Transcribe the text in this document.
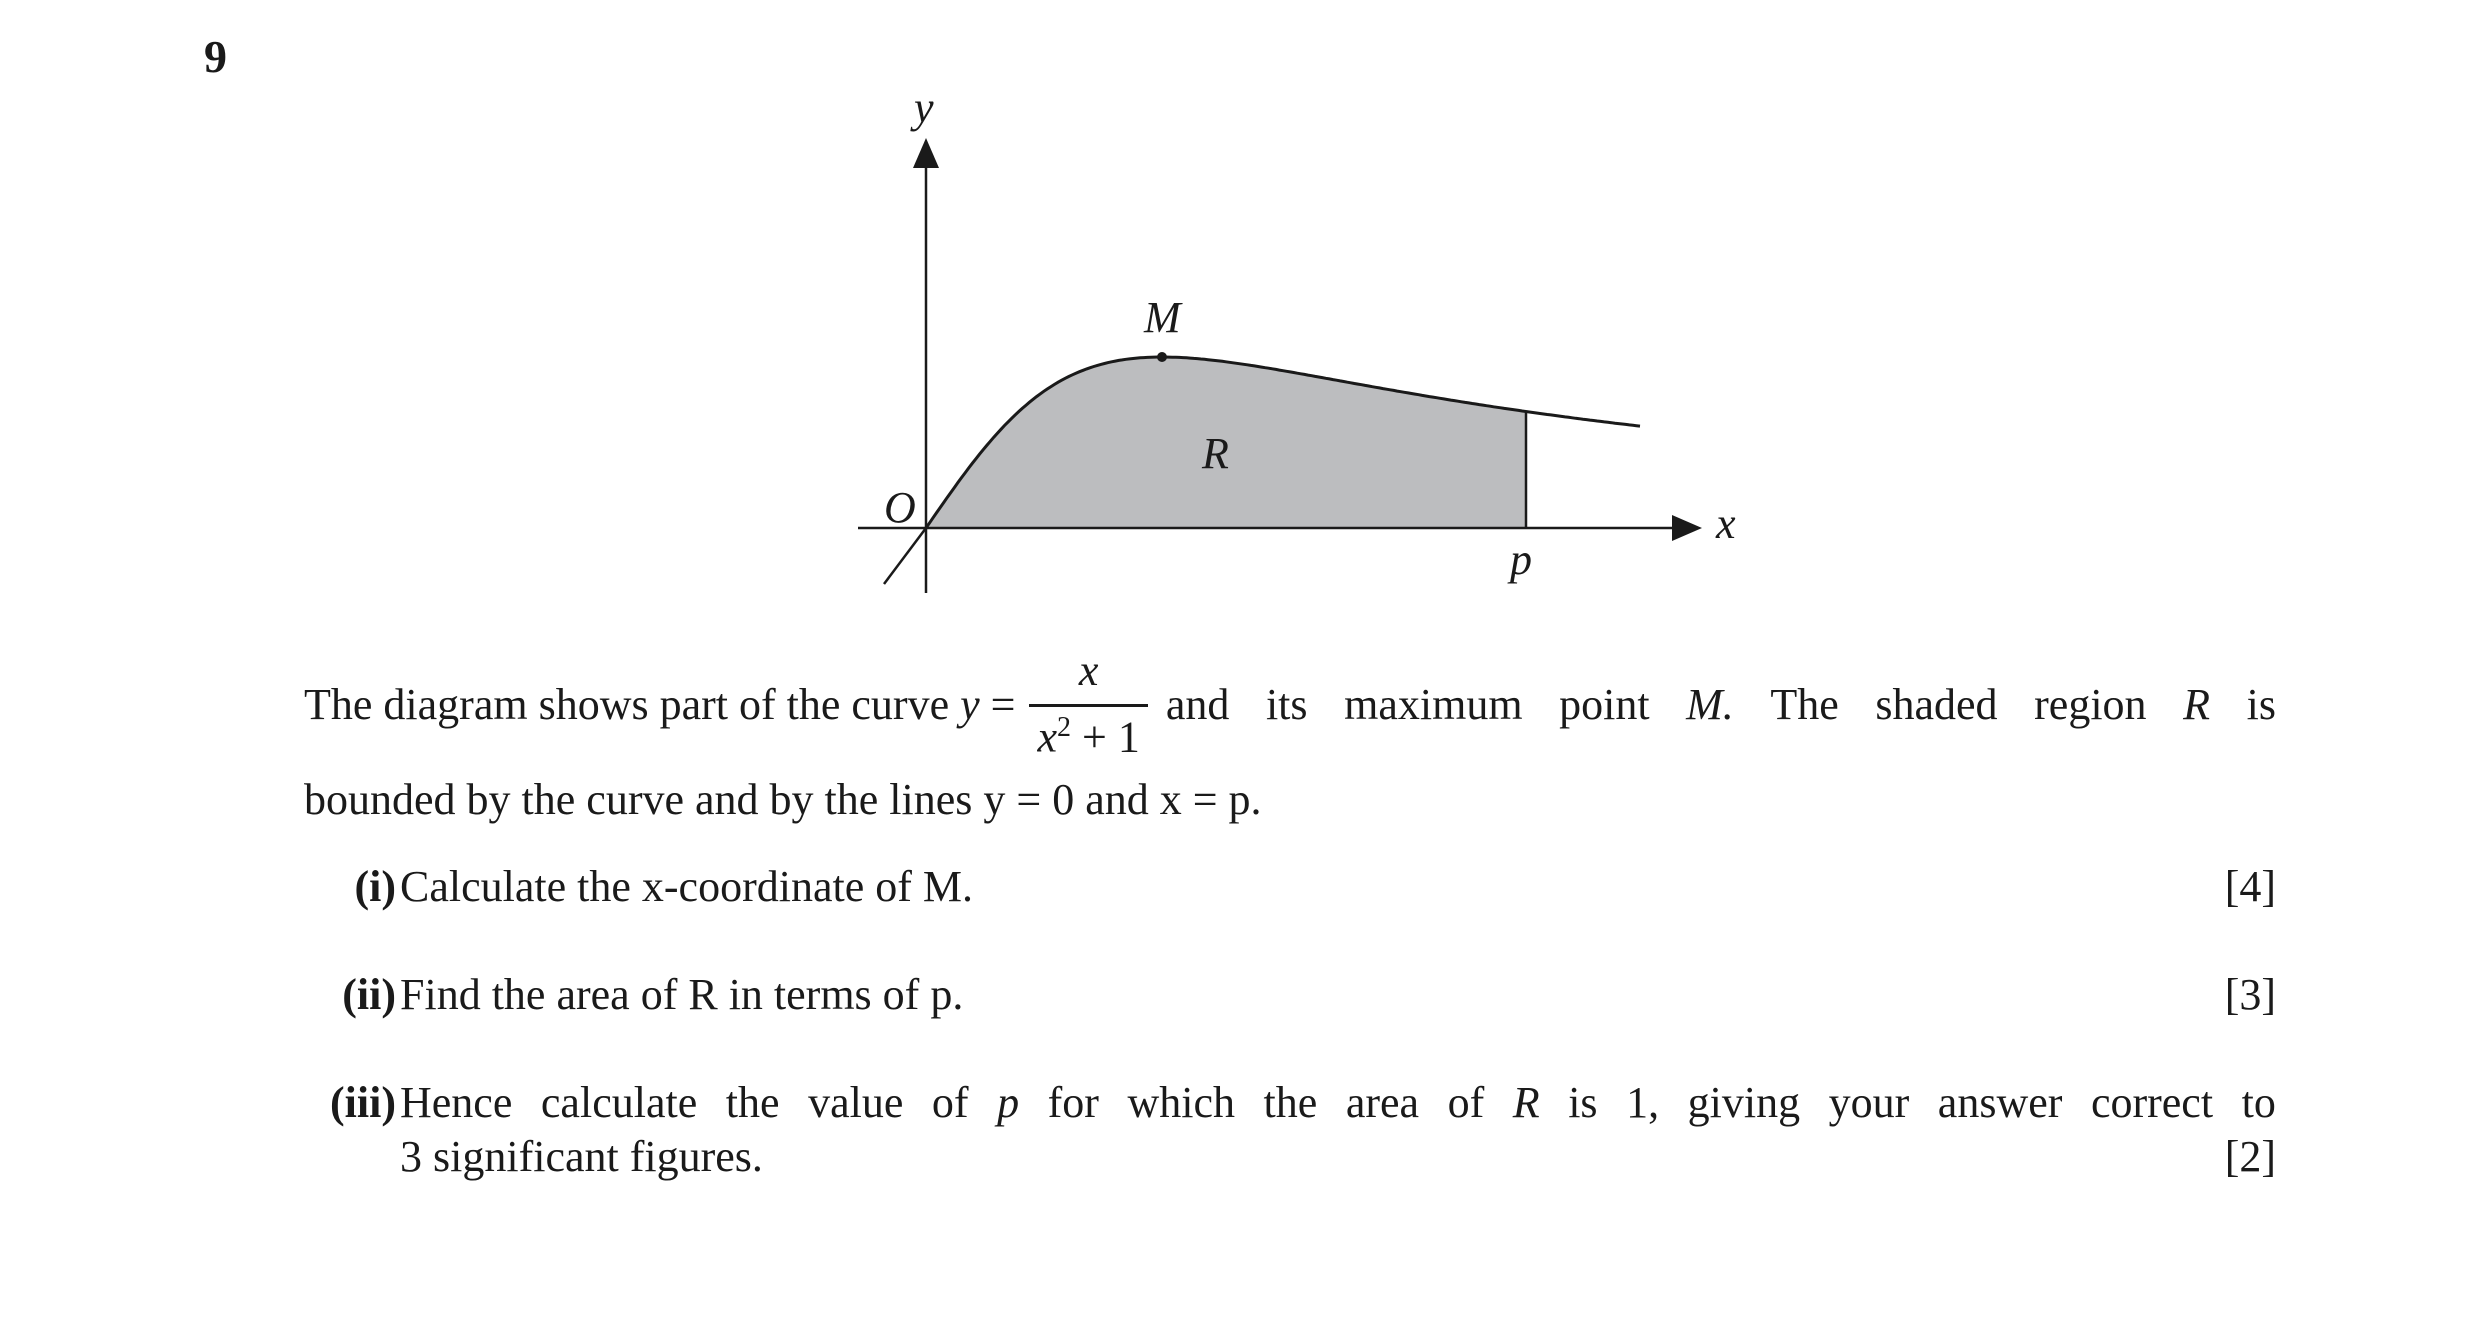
9
y
x
O
M
R
p
The diagram shows part of the curve $y = \frac{x}{x^2 + 1}$ and its maximum point M. The shaded region R is
bounded by the curve and by the lines y = 0 and x = p.
(i) Calculate the x-coordinate of M.	[4]
(ii) Find the area of R in terms of p.	[3]
(iii) Hence calculate the value of p for which the area of R is 1, giving your answer correct to
3 significant figures.	[2]
